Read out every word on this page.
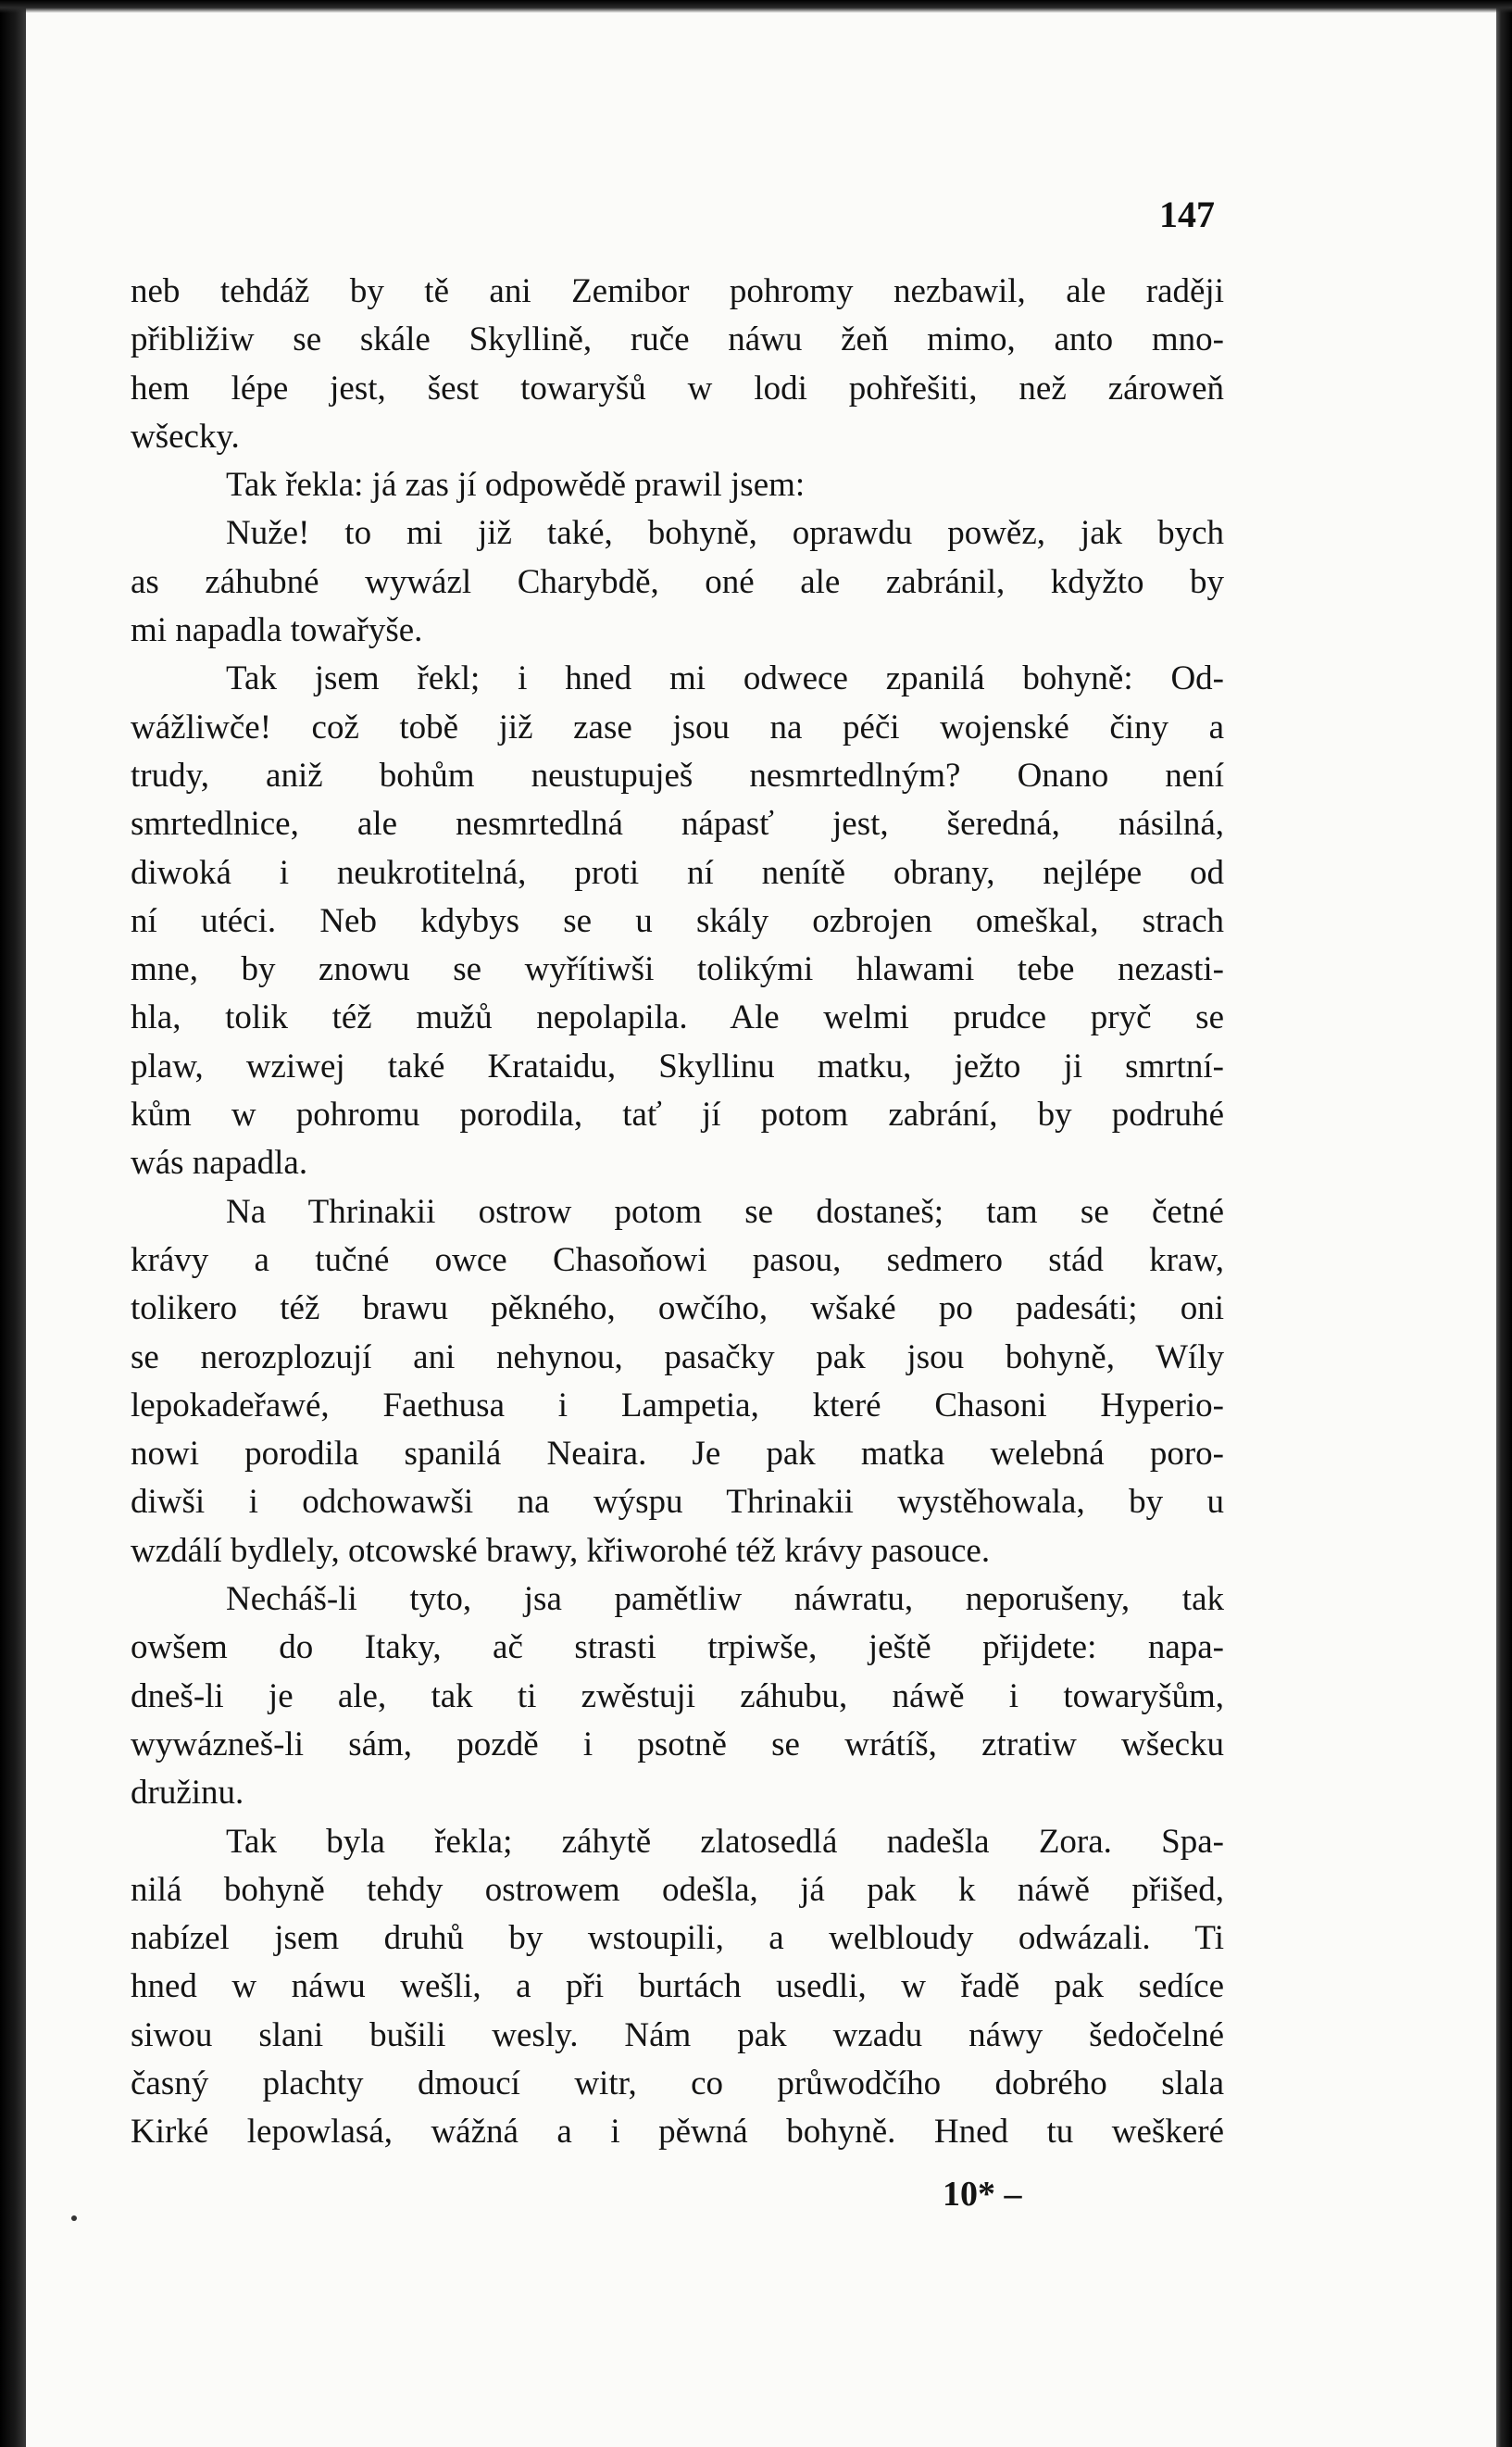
147

neb tehdáž by tě ani Zemibor pohromy nezbawil, ale raději
přibližiw se skále Skyllině, ruče náwu žeň mimo, anto mno-
hem lépe jest, šest towaryšů w lodi pohřešiti, než zároweň
wšecky.

Tak řekla: já zas jí odpowědě prawil jsem:

Nuže! to mi již také, bohyně, oprawdu powěz, jak bych
as záhubné wywázl Charybdě, oné ale zabránil, kdyžto by
mi napadla towařyše.

Tak jsem řekl; i hned mi odwece zpanilá bohyně: Od-
wážliwče! což tobě již zase jsou na péči wojenské činy a
trudy, aniž bohům neustupuješ nesmrtedlným? Onano není
smrtedlnice, ale nesmrtedlná nápasť jest, šeredná, násilná,
diwoká i neukrotitelná, proti ní nenítě obrany, nejlépe od
ní utéci. Neb kdybys se u skály ozbrojen omeškal, strach
mne, by znowu se wyřítiwši tolikými hlawami tebe nezasti-
hla, tolik též mužů nepolapila. Ale welmi prudce pryč se
plaw, wziwej také Krataidu, Skyllinu matku, ježto ji smrtní-
kům w pohromu porodila, tať jí potom zabrání, by podruhé
wás napadla.

Na Thrinakii ostrow potom se dostaneš; tam se četné
krávy a tučné owce Chasoňowi pasou, sedmero stád kraw,
tolikero též brawu pěkného, owčího, wšaké po padesáti; oni
se nerozplozují ani nehynou, pasačky pak jsou bohyně, Wíly
lepokadeřawé, Faethusa i Lampetia, které Chasoni Hyperio-
nowi porodila spanilá Neaira. Je pak matka welebná poro-
diwši i odchowawši na wýspu Thrinakii wystěhowala, by u
wzdálí bydlely, otcowské brawy, křiworohé též krávy pasouce.

Necháš-li tyto, jsa pamětliw náwratu, neporušeny, tak
owšem do Itaky, ač strasti trpiwše, ještě přijdete: napa-
dneš-li je ale, tak ti zwěstuji záhubu, náwě i towaryšům,
wywázneš-li sám, pozdě i psotně se wrátíš, ztratiw wšecku
družinu.

Tak byla řekla; záhytě zlatosedlá nadešla Zora. Spa-
nilá bohyně tehdy ostrowem odešla, já pak k náwě přišed,
nabízel jsem druhů by wstoupili, a welbloudy odwázali. Ti
hned w náwu wešli, a při burtách usedli, w řadě pak sedíce
siwou slani bušili wesly. Nám pak wzadu náwy šedočelné
časný plachty dmoucí witr, co průwodčího dobrého slala
Kirké lepowlasá, wážná a i pěwná bohyně. Hned tu weškeré

10* –
